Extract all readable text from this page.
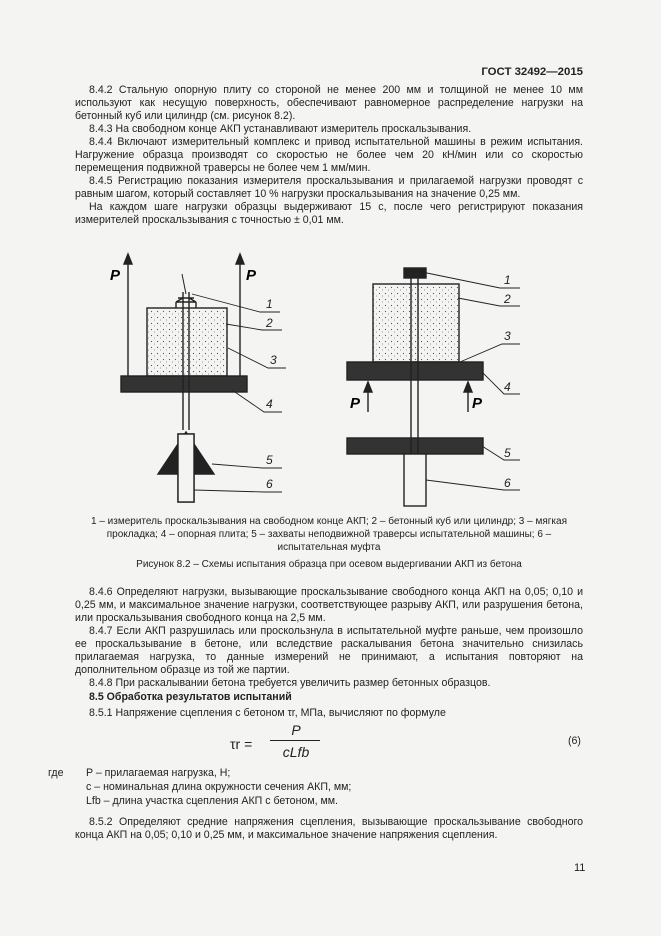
ГОСТ 32492—2015

8.4.2 Стальную опорную плиту со стороной не менее 200 мм и толщиной не менее 10 мм используют как несущую поверхность, обеспечивают равномерное распределение нагрузки на бетонный куб или цилиндр (см. рисунок 8.2).

8.4.3 На свободном конце АКП устанавливают измеритель проскальзывания.

8.4.4 Включают измерительный комплекс и привод испытательной машины в режим испытания. Нагружение образца производят со скоростью не более чем 20 кН/мин или со скоростью перемещения подвижной траверсы не более чем 1 мм/мин.

8.4.5 Регистрацию показания измерителя проскальзывания и прилагаемой нагрузки проводят с равным шагом, который составляет 10 % нагрузки проскальзывания на значение 0,25 мм.

На каждом шаге нагрузки образцы выдерживают 15 с, после чего регистрируют показания измерителей проскальзывания с точностью ± 0,01 мм.

P	P
P	P
1
2
3
4
5
6
1
2
3
4
5
6
1 – измеритель проскальзывания на свободном конце АКП; 2 – бетонный куб или цилиндр; 3 – мягкая прокладка; 4 – опорная плита; 5 – захваты неподвижной траверсы испытательной машины; 6 – испытательная муфта
Рисунок 8.2 – Схемы испытания образца при осевом выдергивании АКП из бетона

8.4.6 Определяют нагрузки, вызывающие проскальзывание свободного конца АКП на 0,05; 0,10 и 0,25 мм, и максимальное значение нагрузки, соответствующее разрыву АКП, или разрушения бетона, или проскальзывания свободного конца на 2,5 мм.

8.4.7 Если АКП разрушилась или проскользнула в испытательной муфте раньше, чем произошло ее проскальзывание в бетоне, или вследствие раскалывания бетона значительно снизилась прилагаемая нагрузка, то данные измерений не принимают, а испытания повторяют на дополнительном образце из той же партии.

8.4.8 При раскалывании бетона требуется увеличить размер бетонных образцов.

8.5 Обработка результатов испытаний

8.5.1 Напряжение сцепления с бетоном τr, МПа, вычисляют по формуле

τr =
P
cLfb
(6)
где P – прилагаемая нагрузка, Н;
c – номинальная длина окружности сечения АКП, мм;
Lfb – длина участка сцепления АКП с бетоном, мм.
8.5.2 Определяют средние напряжения сцепления, вызывающие проскальзывание свободного конца АКП на 0,05; 0,10 и 0,25 мм, и максимальное значение напряжения сцепления.
11
